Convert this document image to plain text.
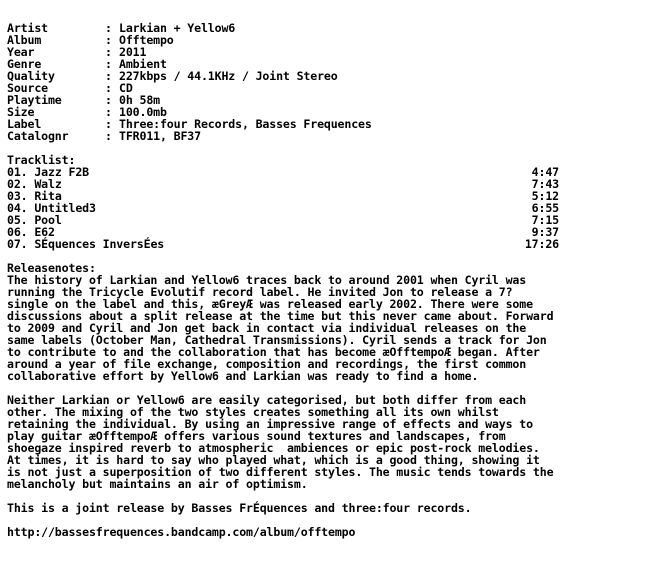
Artist	: Larkian + Yellow6
Album	: Offtempo
Year	: 2011
Genre	: Ambient
Quality	: 227kbps / 44.1KHz / Joint Stereo
Source	: CD
Playtime	: 0h 58m
Size	: 100.0mb
Label	: Three:four Records, Basses Frequences
Catalognr	: TFR011, BF37
Tracklist:
01. Jazz F2B	4:47
02. Walz	7:43
03. Rita	5:12
04. Untitled3	6:55
05. Pool	7:15
06. E62	9:37
07. SÉquences InversÉes	17:26
Releasenotes:
The history of Larkian and Yellow6 traces back to around 2001 when Cyril was
running the Tricycle Evolutif record label. He invited Jon to release a 7?
single on the label and this, æGreyÆ was released early 2002. There were some
discussions about a split release at the time but this never came about. Forward
to 2009 and Cyril and Jon get back in contact via individual releases on the
same labels (October Man, Cathedral Transmissions). Cyril sends a track for Jon
to contribute to and the collaboration that has become æOfftempoÆ began. After
around a year of file exchange, composition and recordings, the first common
collaborative effort by Yellow6 and Larkian was ready to find a home.
Neither Larkian or Yellow6 are easily categorised, but both differ from each
other. The mixing of the two styles creates something all its own whilst
retaining the individual. By using an impressive range of effects and ways to
play guitar æOfftempoÆ offers various sound textures and landscapes, from
shoegaze inspired reverb to atmospheric  ambiences or epic post-rock melodies.
At times, it is hard to say who played what, which is a good thing, showing it
is not just a superposition of two different styles. The music tends towards the
melancholy but maintains an air of optimism.
This is a joint release by Basses FrÉquences and three:four records.
http://bassesfrequences.bandcamp.com/album/offtempo
